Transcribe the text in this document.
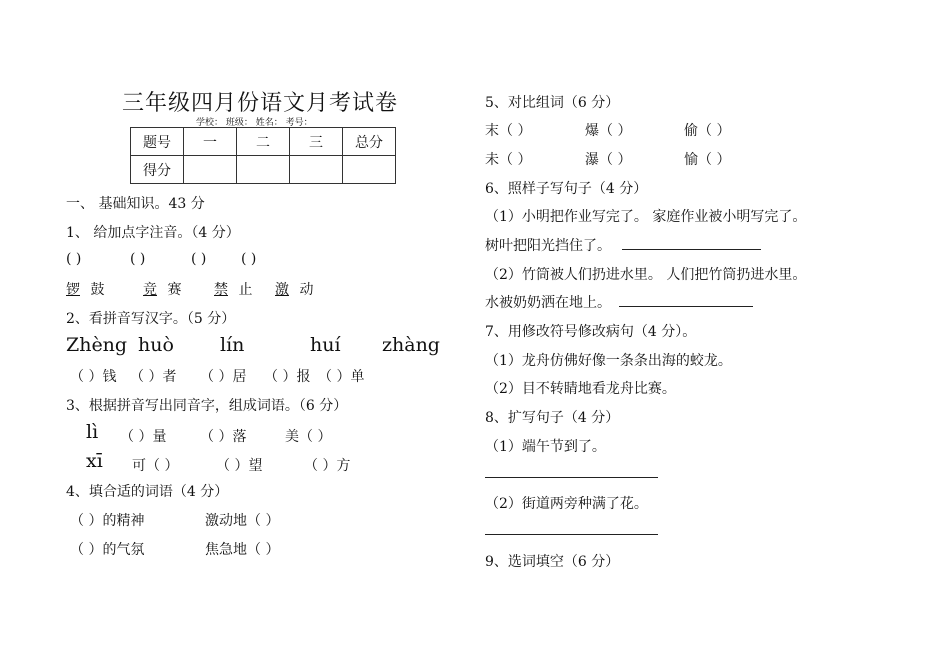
三年级四月份语文月考试卷
学校： 班级： 姓名： 考号：
题号	一	二	三	总分
得分				
一、 基础知识。43 分
1、 给加点字注音。（4 分）
( )	( )	( ) ( )
锣 鼓	竞 赛 禁 止 激 动
2、看拼音写汉字。（5 分）
Zhèng huò lín	huí zhàng
（ ）钱 （ ）者 （ ）居 （ ）报 （ ）单
3、根据拼音写出同音字，组成词语。（6 分）
lì （ ）量 （ ）落	美（ ）
xī 可（ ）	（ ）望	（ ）方
4、填合适的词语（4 分）
（ ）的精神	激动地（ ）
（ ）的气氛	焦急地（ ）
5、对比组词（6 分）
末（ ）	爆（ ）	偷（ ）
未（ ）	瀑（ ）	愉（ ）
6、照样子写句子（4 分）
（1）小明把作业写完了。 家庭作业被小明写完了。
树叶把阳光挡住了。
（2）竹筒被人们扔进水里。 人们把竹筒扔进水里。
水被奶奶洒在地上。
7、用修改符号修改病句（4 分）。
（1）龙舟仿佛好像一条条出海的蛟龙。
（2）目不转睛地看龙舟比赛。
8、扩写句子（4 分）
（1）端午节到了。
（2）街道两旁种满了花。
9、选词填空（6 分）
